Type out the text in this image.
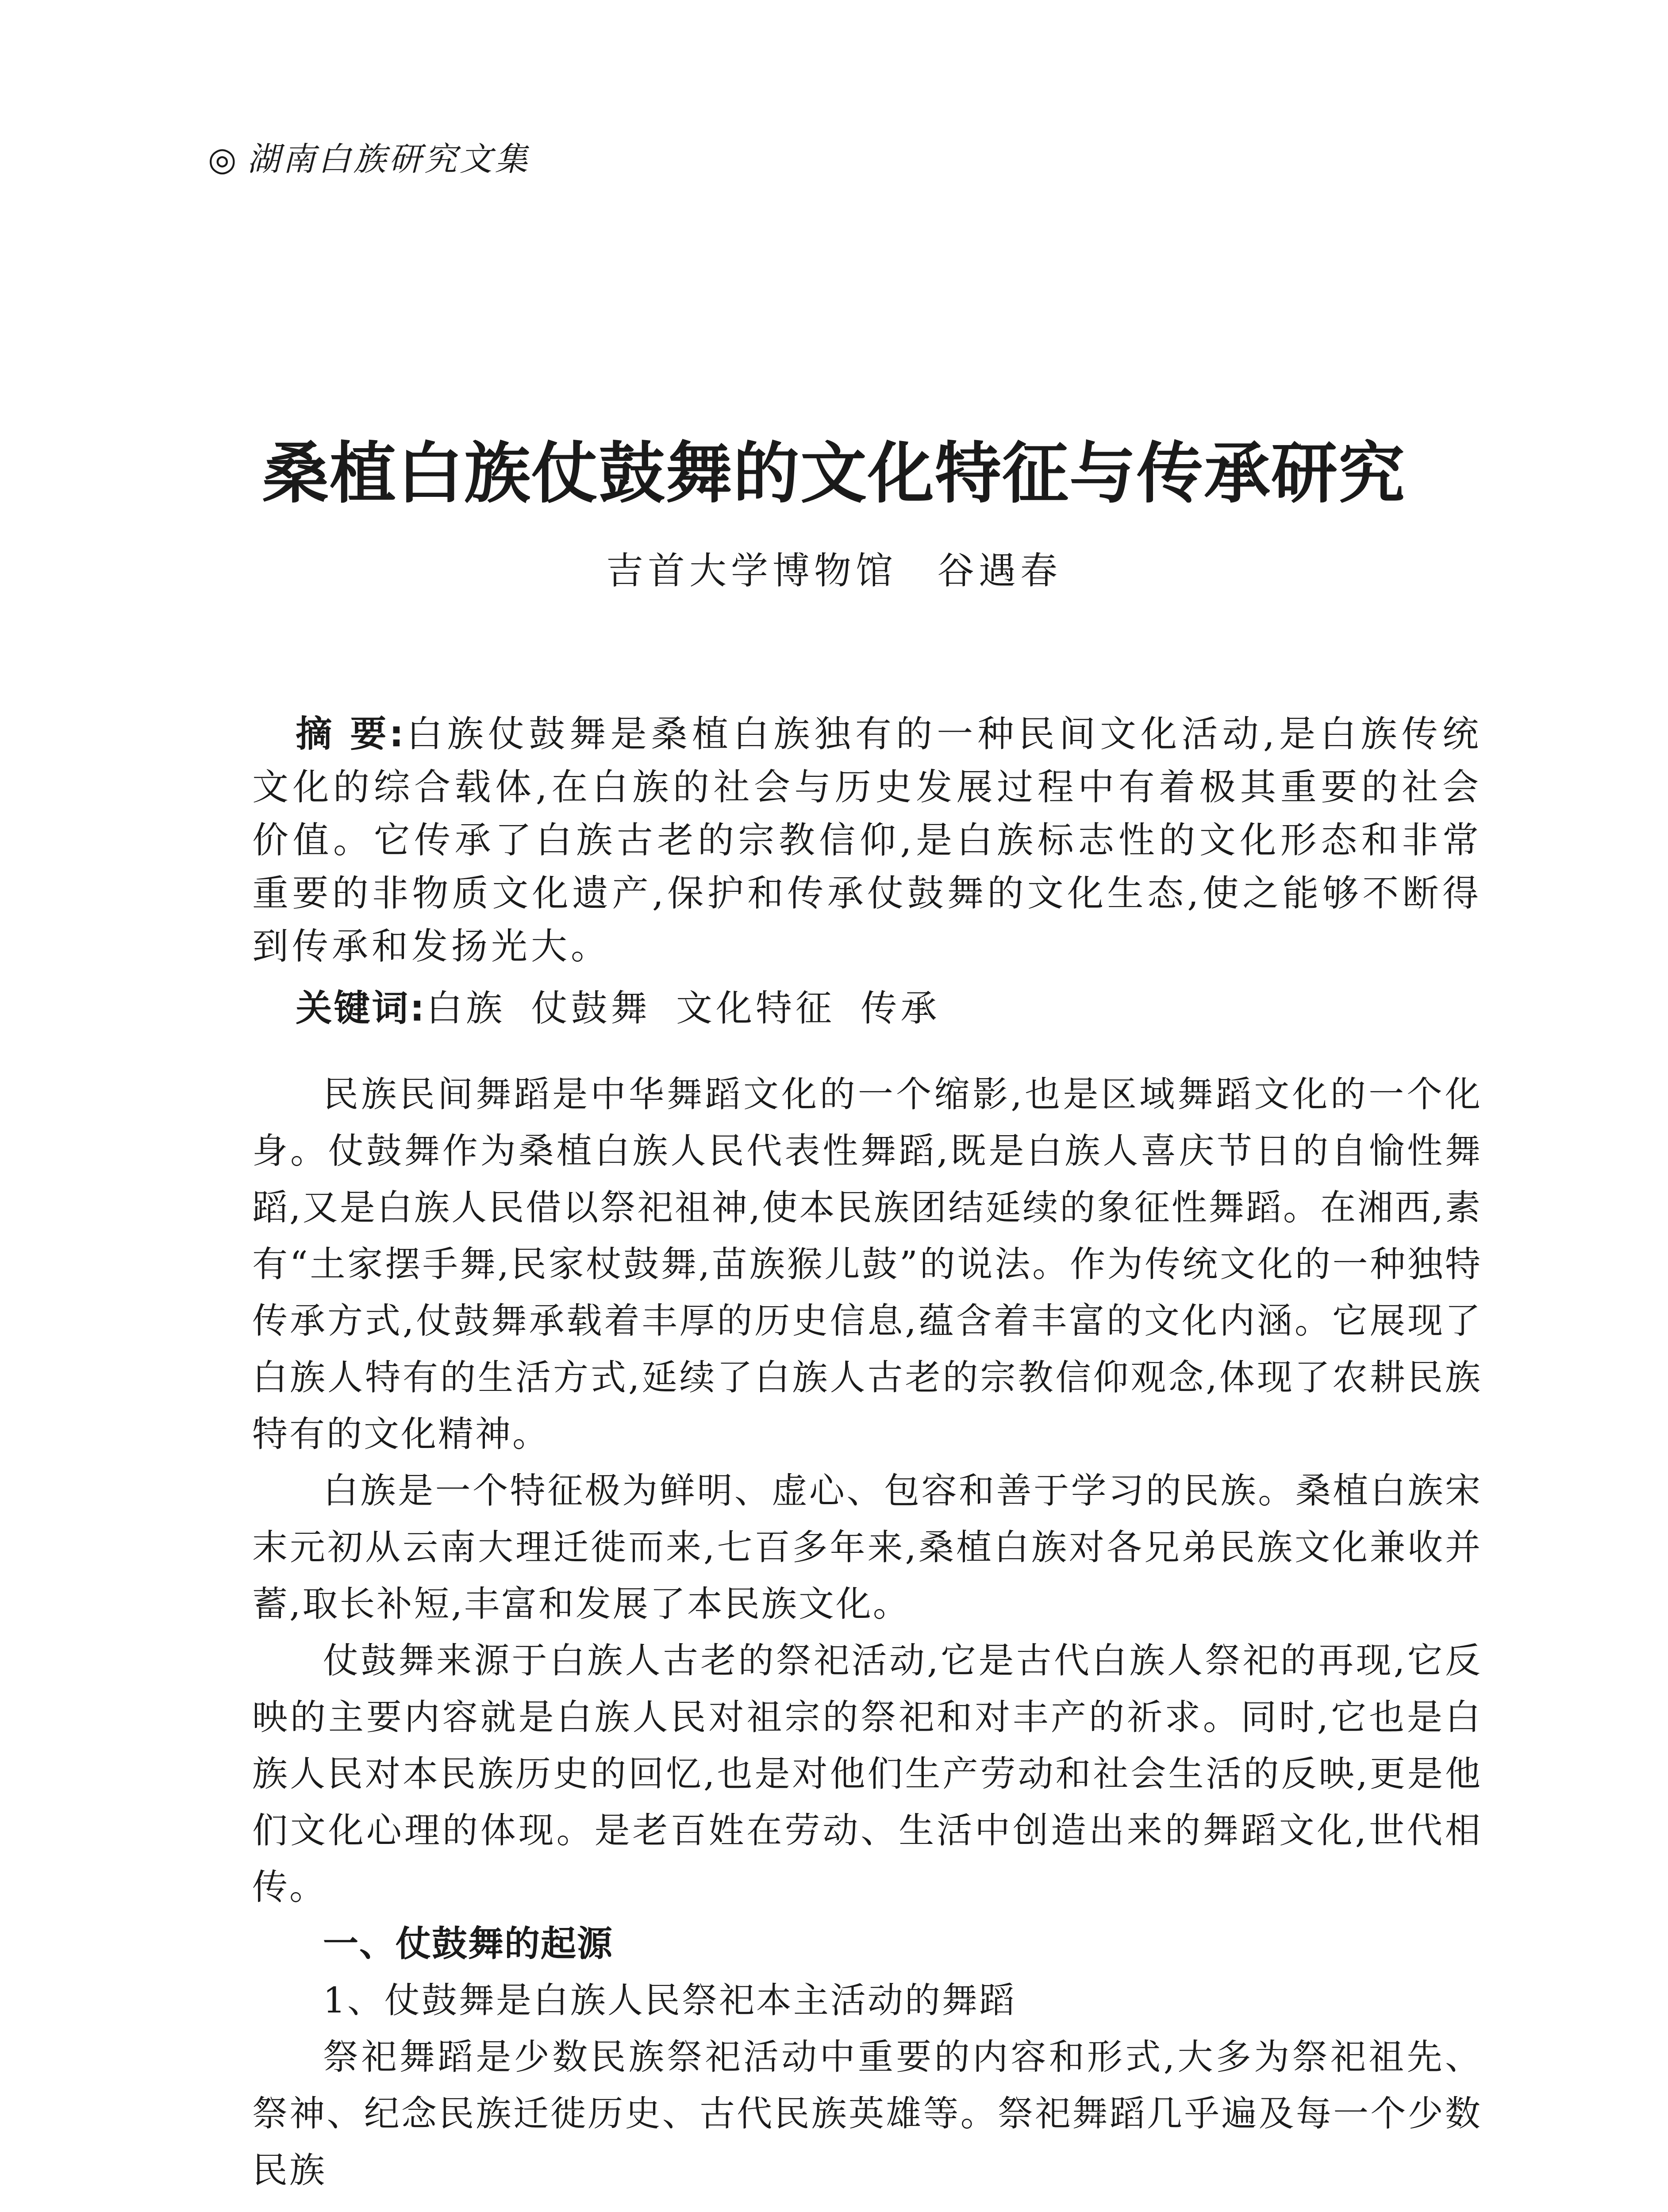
◎ 湖南白族研究文集
桑植白族仗鼓舞的文化特征与传承研究
吉首大学博物馆 谷遇春

摘 要:白族仗鼓舞是桑植白族独有的一种民间文化活动,是白族传统文化的综合载体,在白族的社会与历史发展过程中有着极其重要的社会价值。它传承了白族古老的宗教信仰,是白族标志性的文化形态和非常重要的非物质文化遗产,保护和传承仗鼓舞的文化生态,使之能够不断得到传承和发扬光大。

关键词:白族 仗鼓舞 文化特征 传承

民族民间舞蹈是中华舞蹈文化的一个缩影,也是区域舞蹈文化的一个化身。仗鼓舞作为桑植白族人民代表性舞蹈,既是白族人喜庆节日的自愉性舞蹈,又是白族人民借以祭祀祖神,使本民族团结延续的象征性舞蹈。在湘西,素有“土家摆手舞,民家杖鼓舞,苗族猴儿鼓”的说法。作为传统文化的一种独特传承方式,仗鼓舞承载着丰厚的历史信息,蕴含着丰富的文化内涵。它展现了白族人特有的生活方式,延续了白族人古老的宗教信仰观念,体现了农耕民族特有的文化精神。

白族是一个特征极为鲜明、虚心、包容和善于学习的民族。桑植白族宋末元初从云南大理迁徙而来,七百多年来,桑植白族对各兄弟民族文化兼收并蓄,取长补短,丰富和发展了本民族文化。

仗鼓舞来源于白族人古老的祭祀活动,它是古代白族人祭祀的再现,它反映的主要内容就是白族人民对祖宗的祭祀和对丰产的祈求。同时,它也是白族人民对本民族历史的回忆,也是对他们生产劳动和社会生活的反映,更是他们文化心理的体现。是老百姓在劳动、生活中创造出来的舞蹈文化,世代相传。

一、仗鼓舞的起源

1、仗鼓舞是白族人民祭祀本主活动的舞蹈

祭祀舞蹈是少数民族祭祀活动中重要的内容和形式,大多为祭祀祖先、祭神、纪念民族迁徙历史、古代民族英雄等。祭祀舞蹈几乎遍及每一个少数民族
